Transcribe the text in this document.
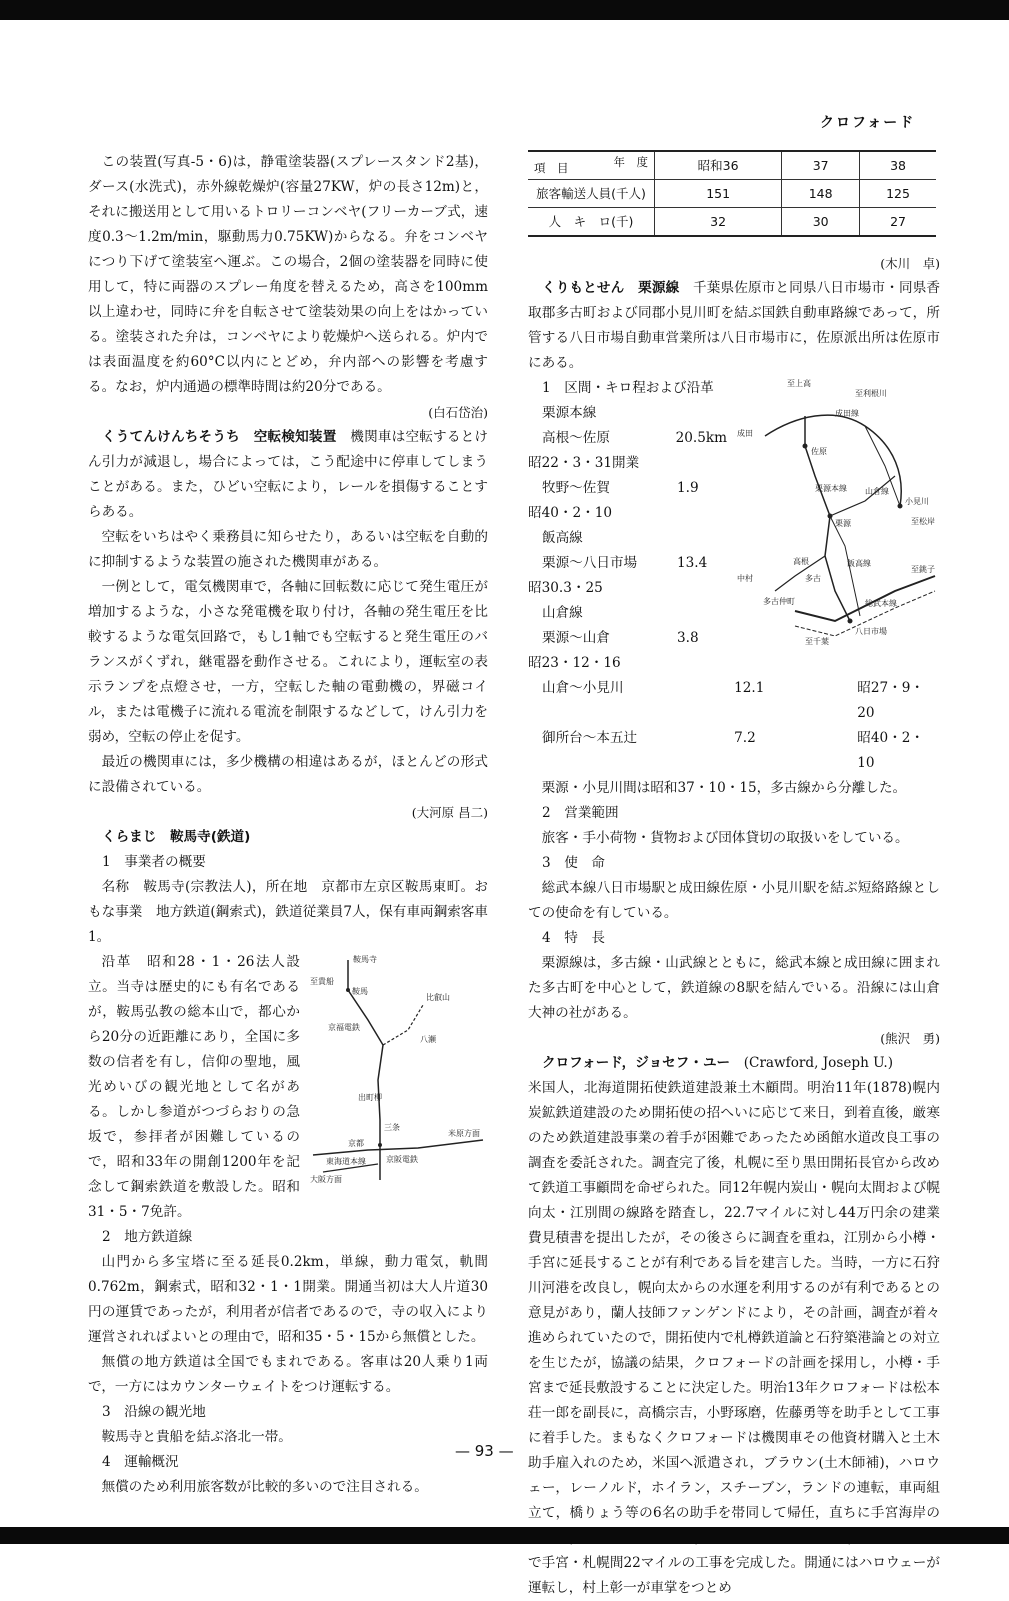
クロフォード

この装置(写真-5・6)は，静電塗装器(スプレースタンド2基)，ダース(水洗式)，赤外線乾燥炉(容量27KW，炉の長さ12m)と，それに搬送用として用いるトロリーコンベヤ(フリーカーブ式，速度0.3〜1.2m/min，駆動馬力0.75KW)からなる。弁をコンベヤにつり下げて塗装室へ運ぶ。この場合，2個の塗装器を同時に使用して，特に両器のスプレー角度を替えるため，高さを100mm以上違わせ，同時に弁を自転させて塗装効果の向上をはかっている。塗装された弁は，コンベヤにより乾燥炉へ送られる。炉内では表面温度を約60°C以内にとどめ，弁内部への影響を考慮する。なお，炉内通過の標準時間は約20分である。

(白石岱治)

くうてんけんちそうち　 空転検知装置　 機関車は空転するとけん引力が減退し，場合によっては，こう配途中に停車してしまうことがある。また，ひどい空転により，レールを損傷することすらある。

空転をいちはやく乗務員に知らせたり，あるいは空転を自動的に抑制するような装置の施された機関車がある。

一例として，電気機関車で，各軸に回転数に応じて発生電圧が増加するような，小さな発電機を取り付け，各軸の発生電圧を比較するような電気回路で，もし1軸でも空転すると発生電圧のバランスがくずれ，継電器を動作させる。これにより，運転室の表示ランプを点燈させ，一方，空転した軸の電動機の，界磁コイル，または電機子に流れる電流を制限するなどして，けん引力を弱め，空転の停止を促す。

最近の機関車には，多少機構の相違はあるが，ほとんどの形式に設備されている。

(大河原 昌二)

くらまじ　 鞍馬寺(鉄道)

1　事業者の概要

名称　鞍馬寺(宗教法人)，所在地　京都市左京区鞍馬東町。おもな事業　地方鉄道(鋼索式)，鉄道従業員7人，保有車両鋼索客車1。

鞍馬寺
至貴船
鞍馬
京福電鉄
比叡山
八瀬
出町柳
三条
京都
京阪電鉄
東海道本線
大阪方面
米原方面

沿革　昭和28・1・26法人設立。当寺は歴史的にも有名であるが，鞍馬弘教の総本山で，都心から20分の近距離にあり，全国に多数の信者を有し，信仰の聖地，風光めいびの観光地として名がある。しかし参道がつづらおりの急坂で，参拝者が困難しているので，昭和33年の開創1200年を記念して鋼索鉄道を敷設した。昭和31・5・7免許。

2　地方鉄道線

山門から多宝塔に至る延長0.2km，単線，動力電気，軌間0.762m，鋼索式，昭和32・1・1開業。開通当初は大人片道30円の運賃であったが，利用者が信者であるので，寺の収入により運営されればよいとの理由で，昭和35・5・15から無償とした。

無償の地方鉄道は全国でもまれである。客車は20人乗り1両で，一方にはカウンターウェイトをつけ運転する。

3　沿線の観光地

鞍馬寺と貴船を結ぶ洛北一帯。

4　運輸概況

無償のため利用旅客数が比較的多いので注目される。

年　度
項　目	昭和36	37	38
旅客輸送人員(千人)	151	148	125
人　キ　ロ(千)	32	30	27

(木川　卓)

くりもとせん　 栗源線　 千葉県佐原市と同県八日市場市・同県香取郡多古町および同郡小見川町を結ぶ国鉄自動車路線であって，所管する八日市場自動車営業所は八日市場市に，佐原派出所は佐原市にある。

至上高
佐原
成田
小見川
至松岸
栗源
栗源本線
高根	飯高線
山倉線
多古
八日市場
総武本線
至千葉
至銚子
至利根川
成田線
中村
多古仲町

1　区間・キロ程および沿革

栗源本線

高根〜佐原	20.5km

昭22・3・31開業

牧野〜佐賀	1.9

昭40・2・10

飯高線

栗源〜八日市場	13.4

昭30.3・25

山倉線

栗源〜山倉	3.8

昭23・12・16

山倉〜小見川	12.1	昭27・9・20
御所台〜本五辻	7.2	昭40・2・10

栗源・小見川間は昭和37・10・15，多古線から分離した。

2　営業範囲

旅客・手小荷物・貨物および団体貸切の取扱いをしている。

3　使　命

総武本線八日市場駅と成田線佐原・小見川駅を結ぶ短絡路線としての使命を有している。

4　特　長

栗源線は，多古線・山武線とともに，総武本線と成田線に囲まれた多古町を中心として，鉄道線の8駅を結んでいる。沿線には山倉大神の社がある。

(熊沢　勇)

クロフォード，ジョセフ・ユー　 (Crawford, Joseph U.)

米国人，北海道開拓使鉄道建設兼土木顧問。明治11年(1878)幌内炭鉱鉄道建設のため開拓使の招へいに応じて来日，到着直後，厳寒のため鉄道建設事業の着手が困難であったため函館水道改良工事の調査を委託された。調査完了後，札幌に至り黒田開拓長官から改めて鉄道工事顧問を命ぜられた。同12年幌内炭山・幌向太間および幌向太・江別間の線路を踏査し，22.7マイルに対し44万円余の建業費見積書を提出したが，その後さらに調査を重ね，江別から小樽・手宮に延長することが有利である旨を建言した。当時，一方に石狩川河港を改良し，幌向太からの水運を利用するのが有利であるとの意見があり，蘭人技師ファンゲンドにより，その計画，調査が着々進められていたので，開拓使内で札樽鉄道論と石狩築港論との対立を生じたが，協議の結果，クロフォードの計画を採用し，小樽・手宮まで延長敷設することに決定した。明治13年クロフォードは松本荘一郎を副長に，高橋宗吉，小野琢磨，佐藤勇等を助手として工事に着手した。まもなくクロフォードは機関車その他資材購入と土木助手雇入れのため，米国へ派遣され，ブラウン(土木師補)，ハロウェー，レーノルド，ホイラン，スチーブン，ランドの連転，車両組立て，橋りょう等の6名の助手を帯同して帰任，直ちに手宮海岸の で手宮・札幌間22マイルの工事を完成した。開通にはハロウェーが運転し，村上彰一が車掌をつとめ

— 93 —
